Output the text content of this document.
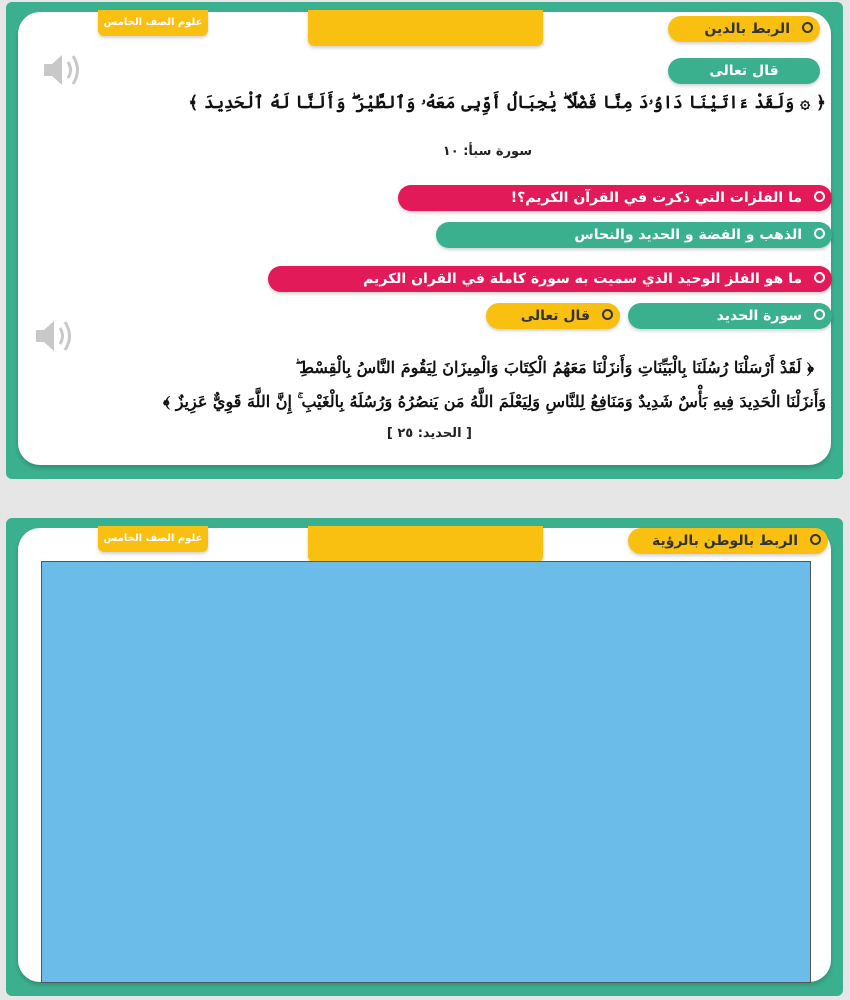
علوم الصف الخامس	الربط بالدين
قال تعالى
﴿ ۞ وَلَقَدْ ءَاتَيْنَا دَاوُۥدَ مِنَّا فَضْلًا ۖ يَٰجِبَالُ أَوِّبِى مَعَهُۥ وَٱلطَّيْرَ ۖ وَأَلَنَّا لَهُ ٱلْحَدِيدَ ﴾
سورة سبأ: ١٠
ما الفلزات التي ذكرت في القرآن الكريم؟!
الذهب و الفضة و الحديد والنحاس
ما هو الفلز الوحيد الذي سميت به سورة كاملة في القران الكريم
سورة الحديد
قال تعالى
﴿ لَقَدْ أَرْسَلْنَا رُسُلَنَا بِالْبَيِّنَاتِ وَأَنزَلْنَا مَعَهُمُ الْكِتَابَ وَالْمِيزَانَ لِيَقُومَ النَّاسُ بِالْقِسْطِ ۖ
وَأَنزَلْنَا الْحَدِيدَ فِيهِ بَأْسٌ شَدِيدٌ وَمَنَافِعُ لِلنَّاسِ وَلِيَعْلَمَ اللَّهُ مَن يَنصُرُهُ وَرُسُلَهُ بِالْغَيْبِ ۚ إِنَّ اللَّهَ قَوِيٌّ عَزِيزٌ ﴾
[ الحديد: ٢٥ ]
علوم الصف الخامس	الربط بالوطن بالرؤية
